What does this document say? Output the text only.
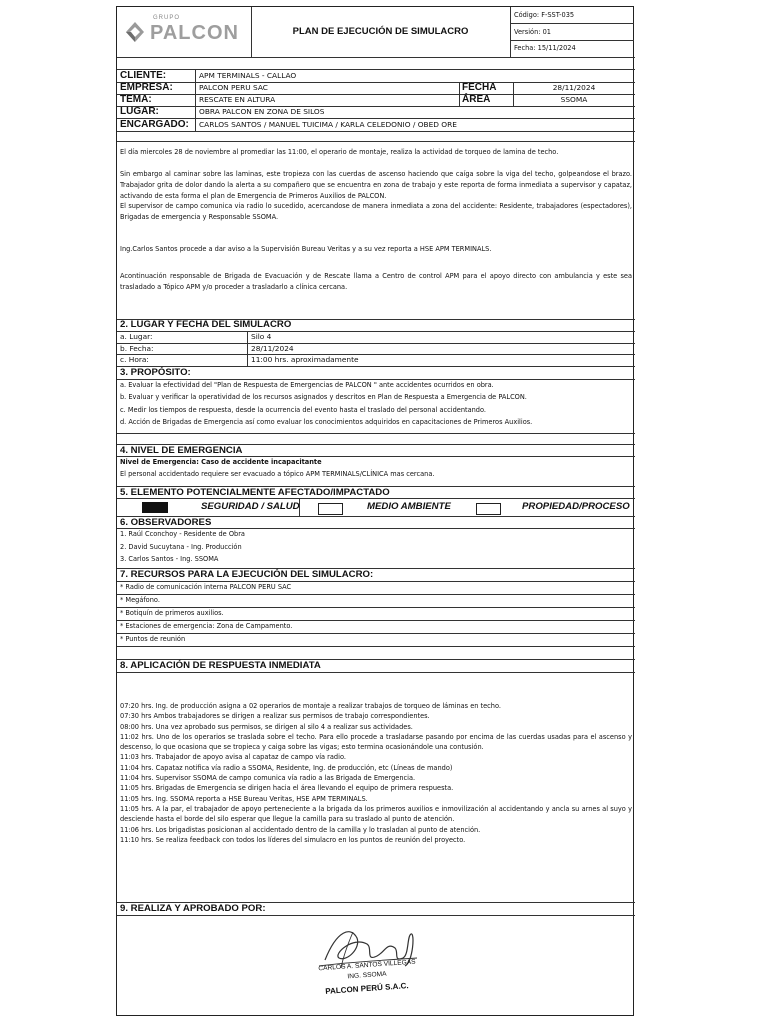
GRUPO
PALCON	PLAN DE EJECUCIÓN DE SIMULACRO
Código: F-SST-035
Versión: 01
Fecha: 15/11/2024
CLIENTE:	APM TERMINALS - CALLAO
EMPRESA:	PALCON PERU SAC	FECHA	28/11/2024
TEMA:	RESCATE EN ALTURA	ÁREA	SSOMA
LUGAR:	OBRA PALCON EN ZONA DE SILOS
ENCARGADO: CARLOS SANTOS / MANUEL TUICIMA / KARLA CELEDONIO / OBED ORE
El día miercoles 28 de noviembre al promediar las 11:00, el operario de montaje, realiza la actividad de torqueo de lamina de techo.
Sin embargo al caminar sobre las laminas, este tropieza con las cuerdas de ascenso haciendo que caíga sobre la viga del techo, golpeandose el brazo. Trabajador grita de dolor dando la alerta a su compañero que se encuentra en zona de trabajo y este reporta de forma inmediata a supervisor y capataz, activando de esta forma el plan de Emergencia de Primeros Auxilios de PALCON.
El supervisor de campo comunica via radio lo sucedido, acercandose de manera inmediata a zona del accidente: Residente, trabajadores (espectadores), Brigadas de emergencia y Responsable SSOMA.
Ing.Carlos Santos procede a dar aviso a la Supervisión Bureau Veritas y a su vez reporta a HSE APM TERMINALS.
Acontinuación responsable de Brigada de Evacuación y de Rescate llama a Centro de control APM para el apoyo directo con ambulancia y este sea trasladado a Tópico APM y/o proceder a trasladarlo a clínica cercana.
2. LUGAR Y FECHA DEL SIMULACRO
a. Lugar:	Silo 4
b. Fecha:	28/11/2024
c. Hora:	11:00 hrs. aproximadamente
3. PROPÓSITO:
a. Evaluar la efectividad del "Plan de Respuesta de Emergencias de PALCON " ante accidentes ocurridos en obra.
b. Evaluar y verificar la operatividad de los recursos asignados y descritos en Plan de Respuesta a Emergencia de PALCON.
c. Medir los tiempos de respuesta, desde la ocurrencia del evento hasta el traslado del personal accidentando.
d. Acción de Brigadas de Emergencia así como evaluar los conocimientos adquiridos en capacitaciones de Primeros Auxilios.
4. NIVEL DE EMERGENCIA
Nivel de Emergencia: Caso de accidente incapacitante
El personal accidentado requiere ser evacuado a tópico APM TERMINALS/CLÍNICA mas cercana.
5. ELEMENTO POTENCIALMENTE AFECTADO/IMPACTADO
SEGURIDAD / SALUD	MEDIO AMBIENTE	PROPIEDAD/PROCESO
6. OBSERVADORES
1. Raúl Cconchoy - Residente de Obra
2. David Sucuytana - Ing. Producción
3. Carlos Santos - Ing. SSOMA
7. RECURSOS PARA LA EJECUCIÓN DEL SIMULACRO:
* Radio de comunicación interna PALCON PERU SAC
* Megáfono.
* Botiquín de primeros auxilios.
* Estaciones de emergencia: Zona de Campamento.
* Puntos de reunión
8. APLICACIÓN DE RESPUESTA INMEDIATA
07:20 hrs. Ing. de producción asigna a 02 operarios de montaje a realizar trabajos de torqueo de láminas en techo.
07:30 hrs Ambos trabajadores se dirigen a realizar sus permisos de trabajo correspondientes.
08:00 hrs. Una vez aprobado sus permisos, se dirigen al silo 4 a realizar sus actividades.
11:02 hrs. Uno de los operarios se traslada sobre el techo. Para ello procede a trasladarse pasando por encima de las cuerdas usadas para el ascenso y descenso, lo que ocasiona que se tropieca y caiga sobre las vigas; esto termina ocasionándole una contusión.
11:03 hrs. Trabajador de apoyo avisa al capataz de campo vía radio.
11:04 hrs. Capataz notifica vía radio a SSOMA, Residente, Ing. de producción, etc (Líneas de mando)
11:04 hrs. Supervisor SSOMA de campo comunica vía radio a las Brigada de Emergencia.
11:05 hrs. Brigadas de Emergencia se dirigen hacia el área llevando el equipo de primera respuesta.
11:05 hrs. Ing. SSOMA reporta a HSE Bureau Veritas, HSE APM TERMINALS.
11:05 hrs. A la par, el trabajador de apoyo perteneciente a la brigada da los primeros auxilios e inmovilización al accidentando y ancla su arnes al suyo y desciende hasta el borde del silo esperar que llegue la camilla para su traslado al punto de atención.
11:06 hrs. Los brigadistas posicionan al accidentado dentro de la camilla y lo trasladan al punto de atención.
11:10 hrs. Se realiza feedback con todos los líderes del simulacro en los puntos de reunión del proyecto.
9. REALIZA Y APROBADO POR:
CARLOS A. SANTOS VILLEGAS
ING. SSOMA
PALCON PERÚ S.A.C.
